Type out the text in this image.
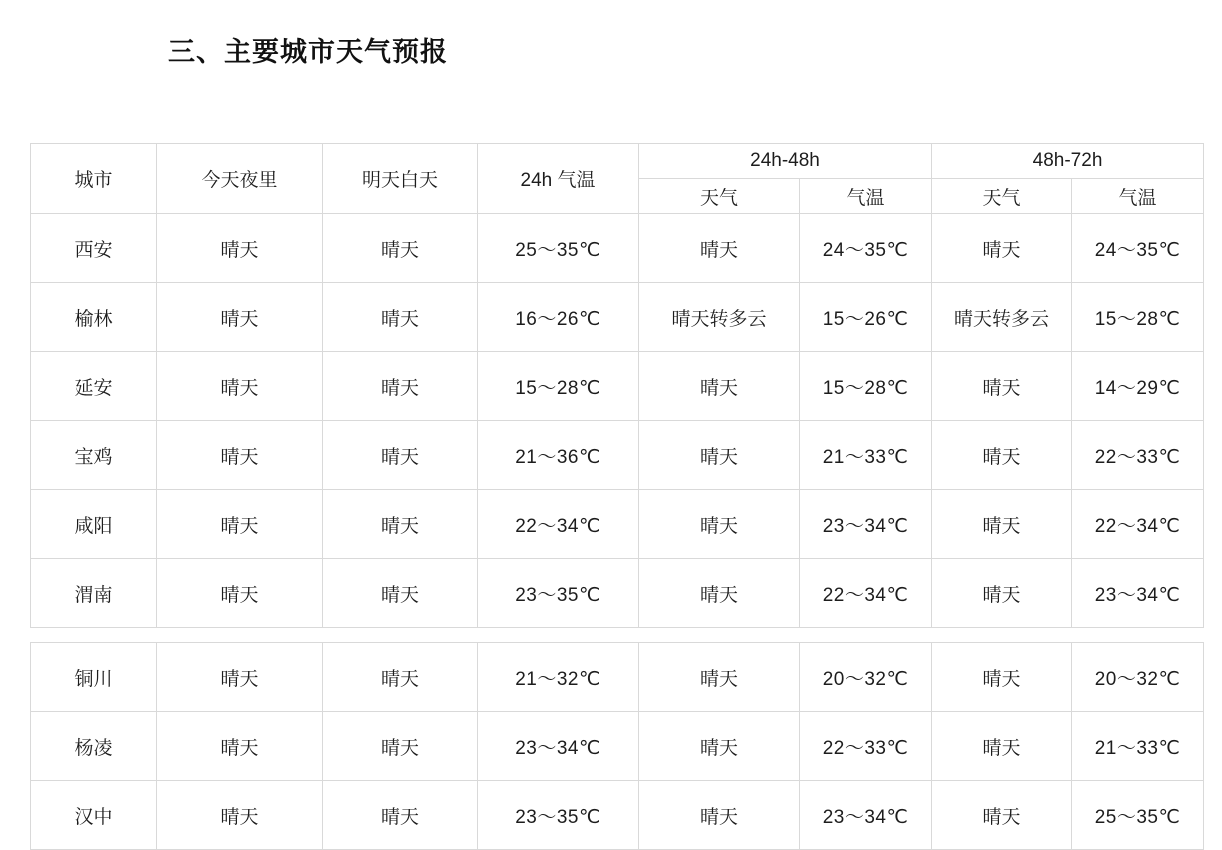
三、主要城市天气预报
城市	今天夜里	明天白天	24h 气温	24h-48h		48h-72h	
				天气	气温	天气	气温
西安	晴天	晴天	25～35℃	晴天	24～35℃	晴天	24～35℃
榆林	晴天	晴天	16～26℃	晴天转多云	15～26℃	晴天转多云	15～28℃
延安	晴天	晴天	15～28℃	晴天	15～28℃	晴天	14～29℃
宝鸡	晴天	晴天	21～36℃	晴天	21～33℃	晴天	22～33℃
咸阳	晴天	晴天	22～34℃	晴天	23～34℃	晴天	22～34℃
渭南	晴天	晴天	23～35℃	晴天	22～34℃	晴天	23～34℃
铜川	晴天	晴天	21～32℃	晴天	20～32℃	晴天	20～32℃
杨凌	晴天	晴天	23～34℃	晴天	22～33℃	晴天	21～33℃
汉中	晴天	晴天	23～35℃	晴天	23～34℃	晴天	25～35℃
